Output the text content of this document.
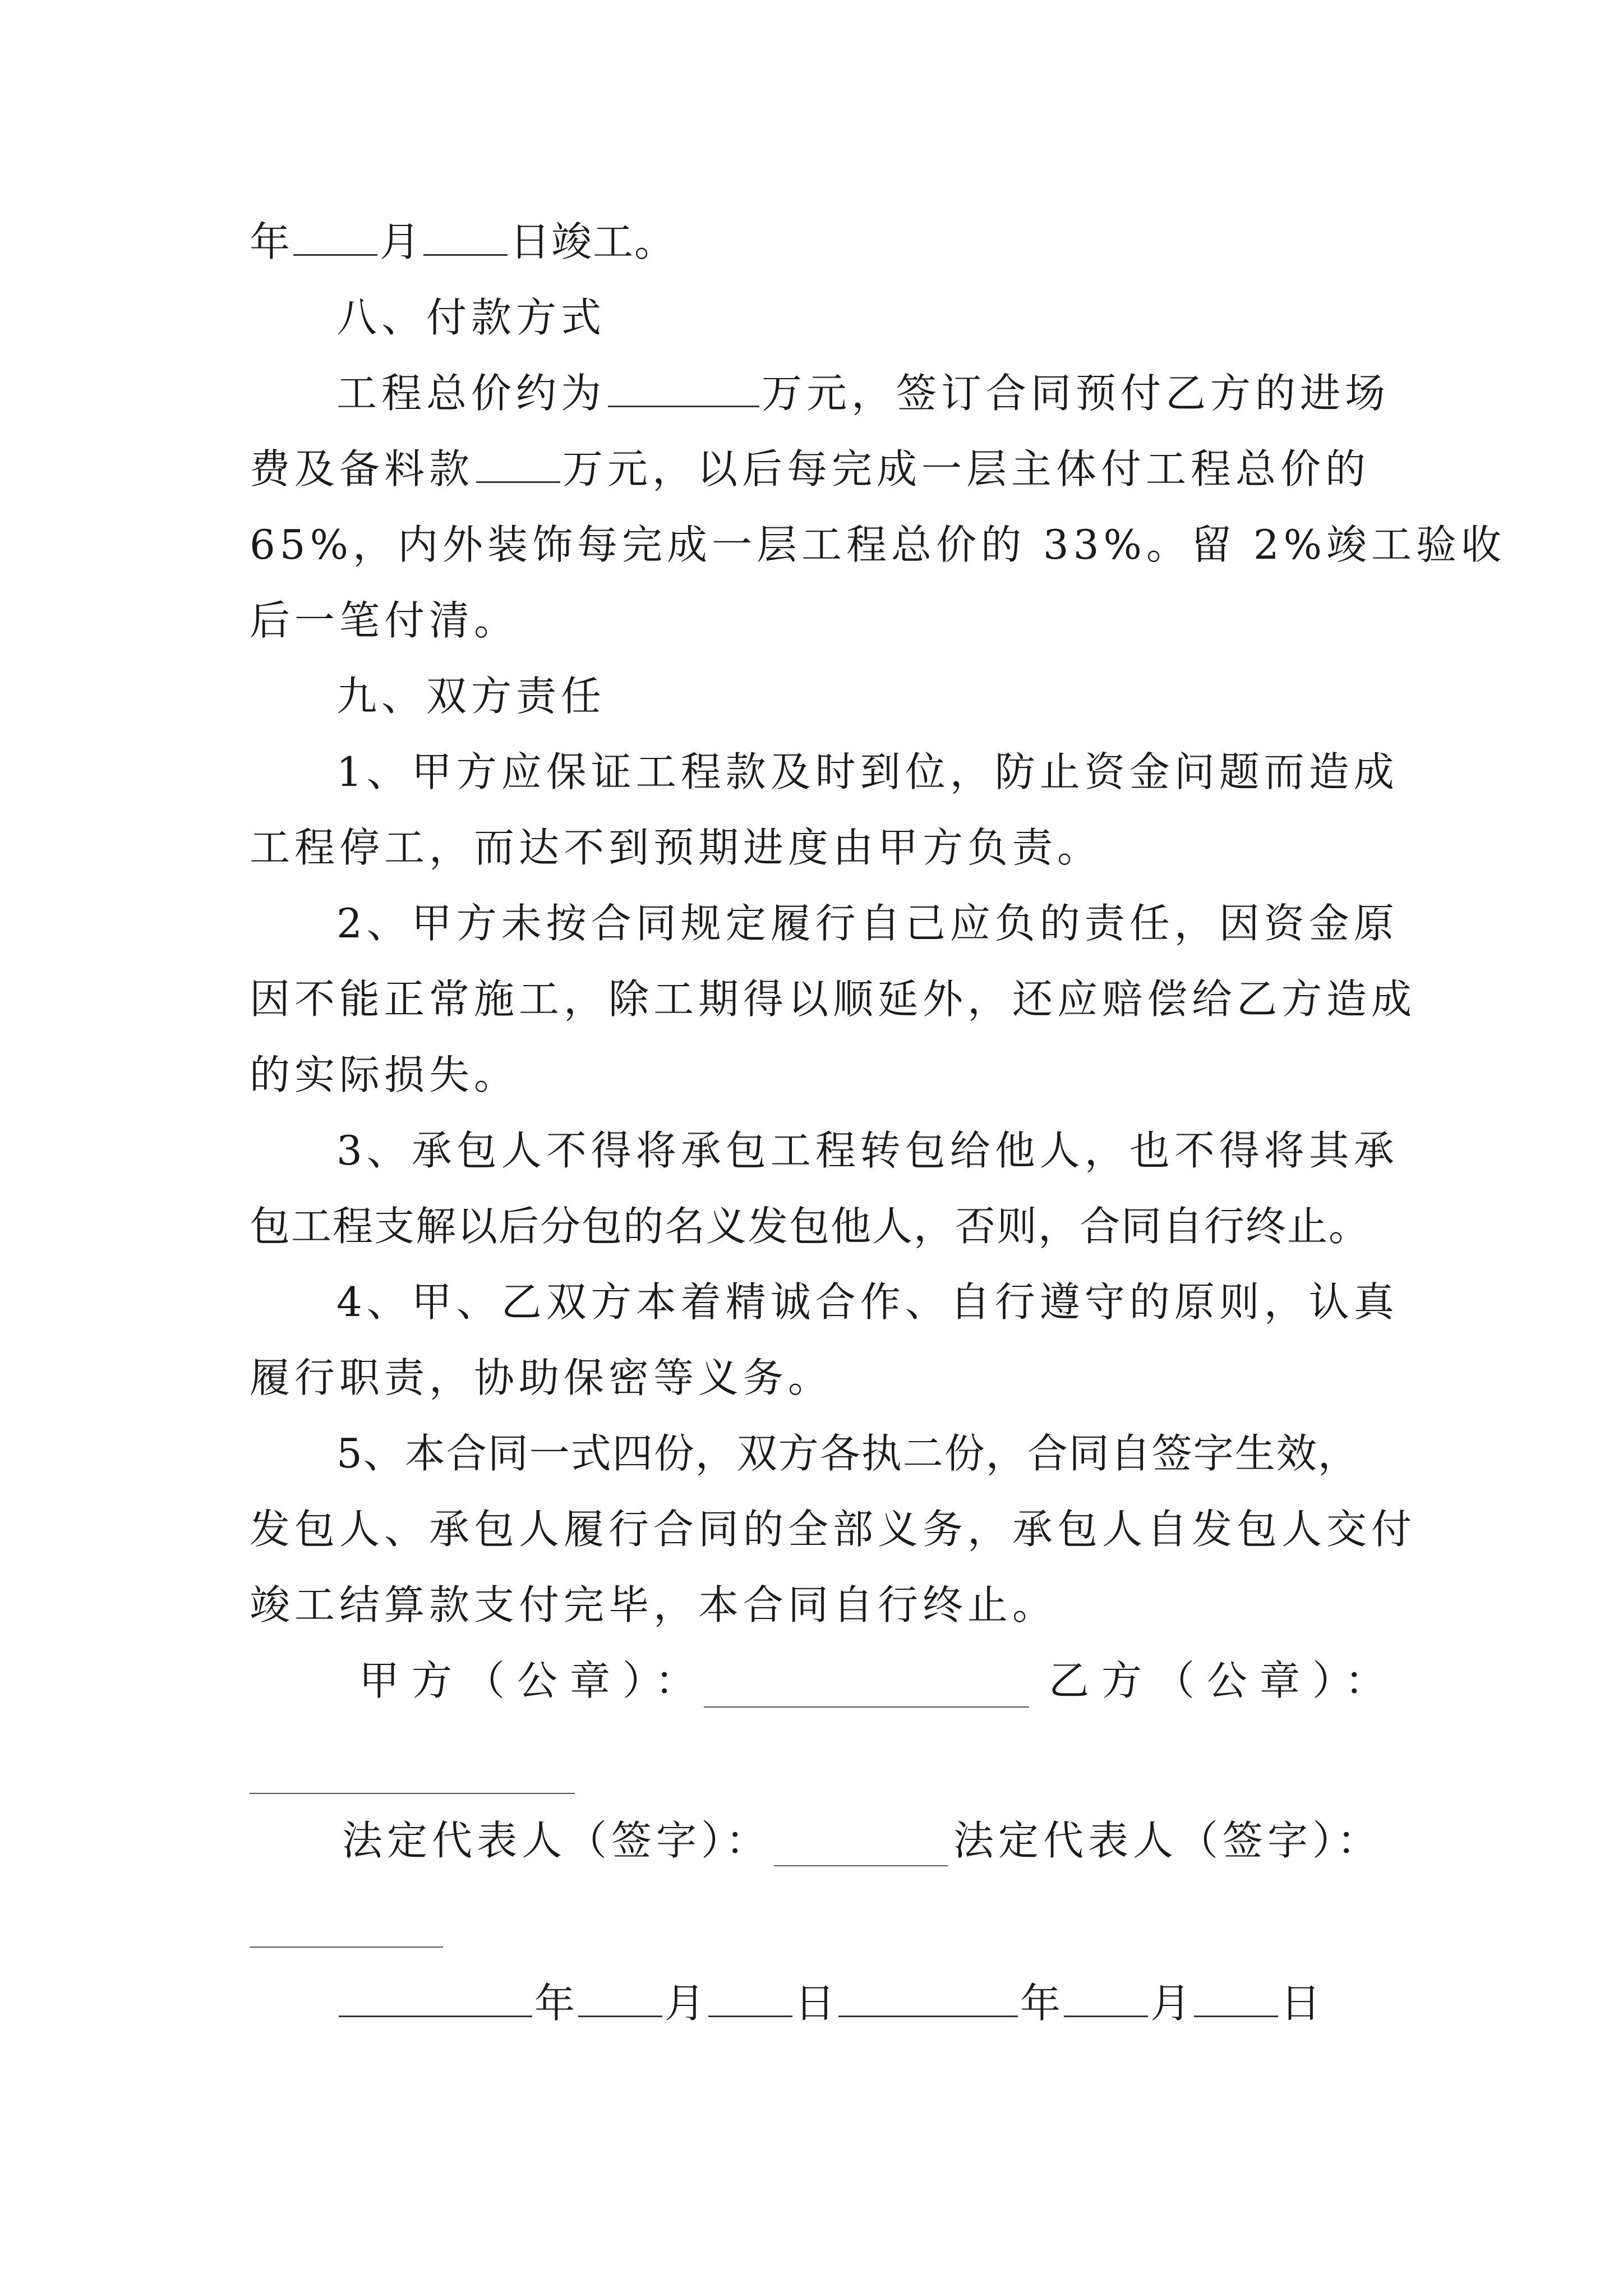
年 月 日竣工。
八、付款方式
工程总价约为	万元，签订合同预付乙方的进场
费及备料款 万元，以后每完成一层主体付工程总价的
65%，内外装饰每完成一层工程总价的 33%。留 2%竣工验收
后一笔付清。
九、双方责任
1、甲方应保证工程款及时到位，防止资金问题而造成
工程停工，而达不到预期进度由甲方负责。
2、甲方未按合同规定履行自己应负的责任，因资金原
因不能正常施工，除工期得以顺延外，还应赔偿给乙方造成
的实际损失。
3、承包人不得将承包工程转包给他人，也不得将其承
包工程支解以后分包的名义发包他人，否则，合同自行终止。
4、甲、乙双方本着精诚合作、自行遵守的原则，认真
履行职责，协助保密等义务。
5、本合同一式四份，双方各执二份，合同自签字生效，
发包人、承包人履行合同的全部义务，承包人自发包人交付
竣工结算款支付完毕，本合同自行终止。
甲方（公章）：	乙方（公章）：
法定代表人（签字）：	法定代表人（签字）：
年 月 日	年 月 日
